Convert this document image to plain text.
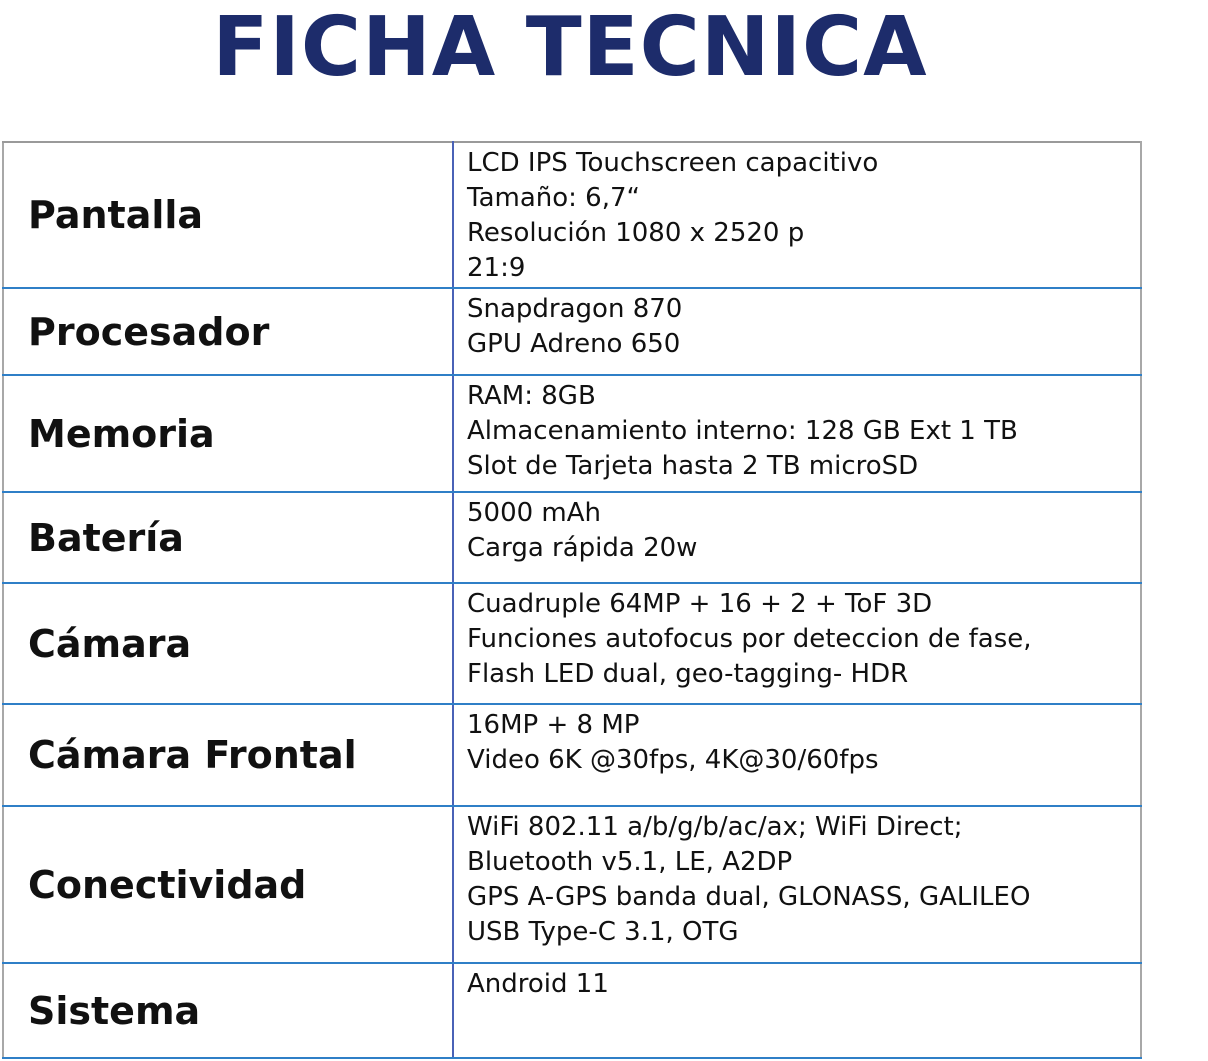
FICHA TECNICA
Pantalla	LCD IPS Touchscreen capacitivo
Tamaño: 6,7“
Resolución 1080 x 2520 p
21:9

Procesador	Snapdragon 870
GPU Adreno 650

Memoria	RAM: 8GB
Almacenamiento interno: 128 GB Ext 1 TB
Slot de Tarjeta hasta 2 TB microSD

Batería	5000 mAh
Carga rápida 20w

Cámara	Cuadruple 64MP + 16 + 2 + ToF 3D
Funciones autofocus por deteccion de fase,
Flash LED dual, geo-tagging- HDR

Cámara Frontal	16MP + 8 MP
Video 6K @30fps, 4K@30/60fps

Conectividad	WiFi 802.11 a/b/g/b/ac/ax; WiFi Direct;
Bluetooth v5.1, LE, A2DP
GPS A-GPS banda dual, GLONASS, GALILEO
USB Type-C 3.1, OTG

Sistema	Android 11
